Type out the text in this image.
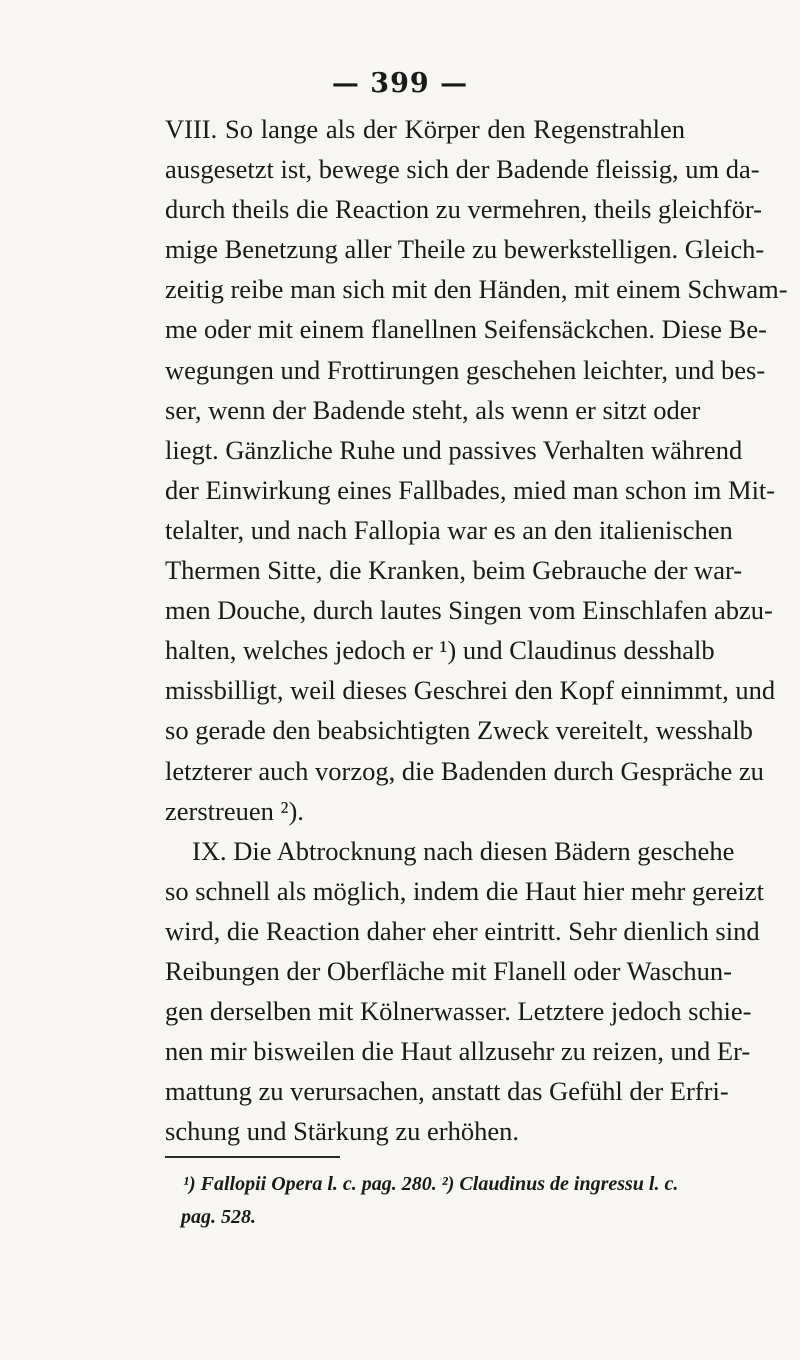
— 399 —
VIII. So lange als der Körper den Regenstrahlen
ausgesetzt ist, bewege sich der Badende fleissig, um da-
durch theils die Reaction zu vermehren, theils gleichför-
mige Benetzung aller Theile zu bewerkstelligen. Gleich-
zeitig reibe man sich mit den Händen, mit einem Schwam-
me oder mit einem flanellnen Seifensäckchen. Diese Be-
wegungen und Frottirungen geschehen leichter, und bes-
ser, wenn der Badende steht, als wenn er sitzt oder
liegt. Gänzliche Ruhe und passives Verhalten während
der Einwirkung eines Fallbades, mied man schon im Mit-
telalter, und nach Fallopia war es an den italienischen
Thermen Sitte, die Kranken, beim Gebrauche der war-
men Douche, durch lautes Singen vom Einschlafen abzu-
halten, welches jedoch er ¹) und Claudinus desshalb
missbilligt, weil dieses Geschrei den Kopf einnimmt, und
so gerade den beabsichtigten Zweck vereitelt, wesshalb
letzterer auch vorzog, die Badenden durch Gespräche zu
zerstreuen ²).
IX. Die Abtrocknung nach diesen Bädern geschehe
so schnell als möglich, indem die Haut hier mehr gereizt
wird, die Reaction daher eher eintritt. Sehr dienlich sind
Reibungen der Oberfläche mit Flanell oder Waschun-
gen derselben mit Kölnerwasser. Letztere jedoch schie-
nen mir bisweilen die Haut allzusehr zu reizen, und Er-
mattung zu verursachen, anstatt das Gefühl der Erfri-
schung und Stärkung zu erhöhen.
¹) Fallopii Opera l. c. pag. 280. ²) Claudinus de ingressu l. c.
pag. 528.
